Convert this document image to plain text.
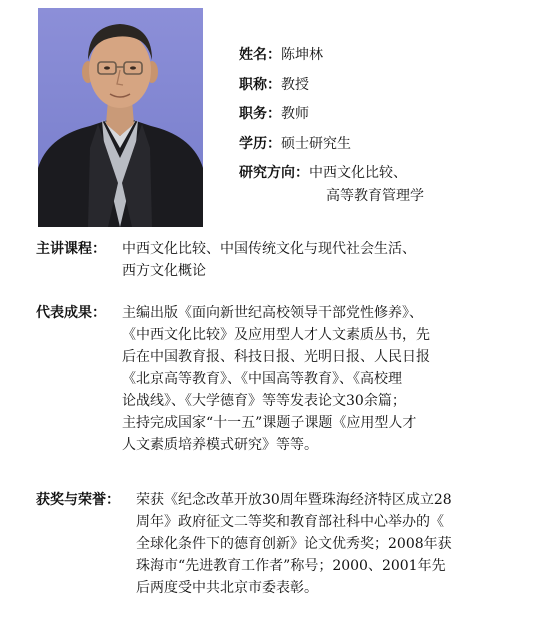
姓名：陈坤林
职称：教授
职务：教师
学历：硕士研究生
研究方向：中西文化比较、
高等教育管理学
主讲课程： 中西文化比较、中国传统文化与现代社会生活、
西方文化概论
代表成果： 主编出版《面向新世纪高校领导干部党性修养》、
《中西文化比较》及应用型人才人文素质丛书，先
后在中国教育报、科技日报、光明日报、人民日报
《北京高等教育》、《中国高等教育》、《高校理
论战线》、《大学德育》等等发表论文30余篇；
主持完成国家“十一五”课题子课题《应用型人才
人文素质培养模式研究》等等。
获奖与荣誉： 荣获《纪念改革开放30周年暨珠海经济特区成立28
周年》政府征文二等奖和教育部社科中心举办的《
全球化条件下的德育创新》论文优秀奖；2008年获
珠海市“先进教育工作者”称号；2000、2001年先
后两度受中共北京市委表彰。
